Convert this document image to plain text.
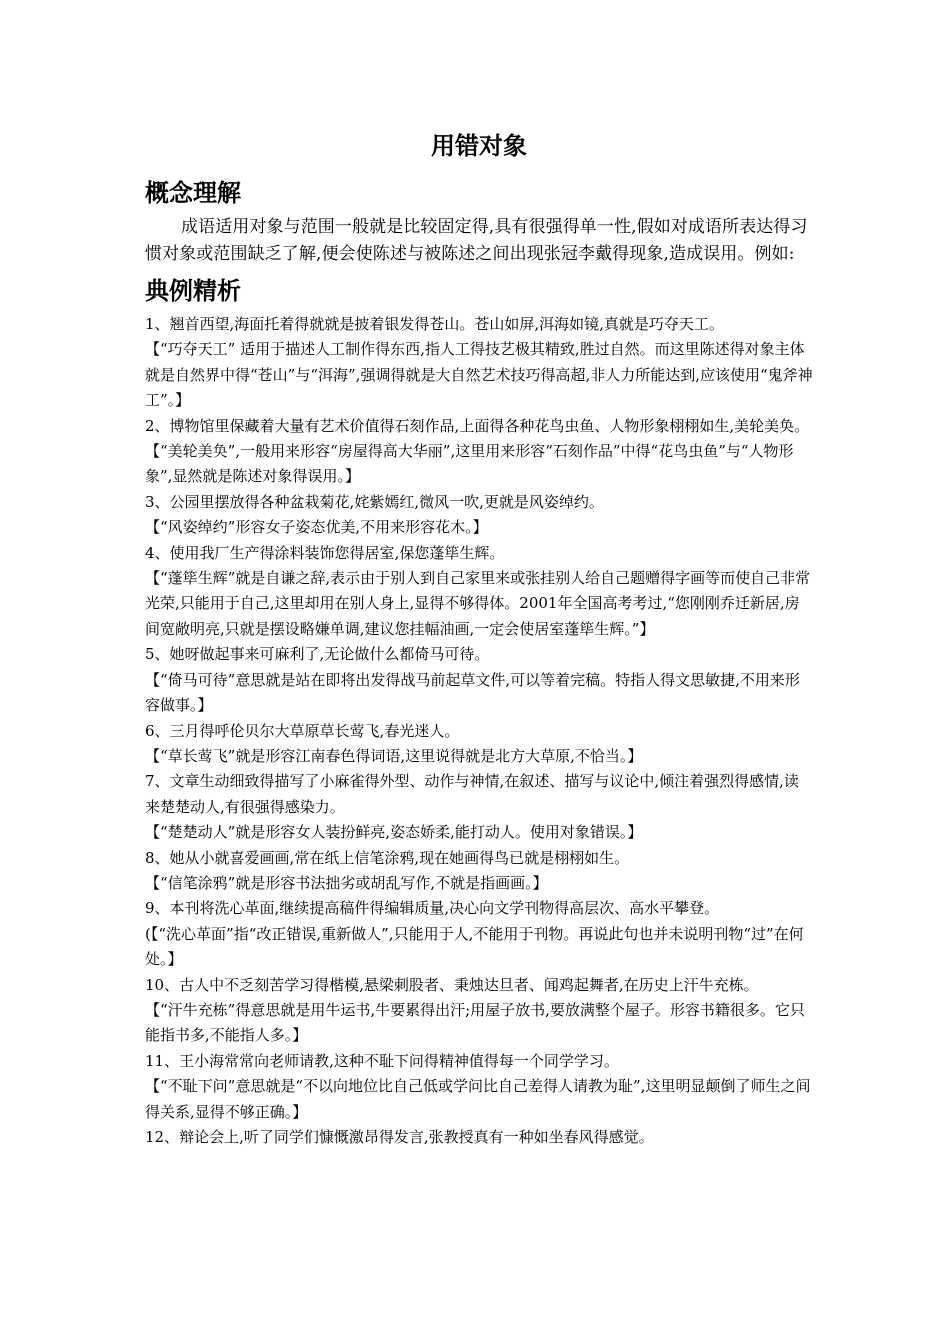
用错对象
概念理解

成语适用对象与范围一般就是比较固定得,具有很强得单一性,假如对成语所表达得习惯对象或范围缺乏了解,便会使陈述与被陈述之间出现张冠李戴得现象,造成误用。例如:

典例精析

1、翘首西望,海面托着得就就是披着银发得苍山。苍山如屏,洱海如镜,真就是巧夺天工。

【“巧夺天工” 适用于描述人工制作得东西,指人工得技艺极其精致,胜过自然。而这里陈述得对象主体就是自然界中得“苍山”与“洱海”,强调得就是大自然艺术技巧得高超,非人力所能达到,应该使用“鬼斧神工”。】

2、博物馆里保藏着大量有艺术价值得石刻作品,上面得各种花鸟虫鱼、人物形象栩栩如生,美轮美奂。

【“美轮美奂”,一般用来形容“房屋得高大华丽”,这里用来形容“石刻作品”中得“花鸟虫鱼”与“人物形象”,显然就是陈述对象得误用。】

3、公园里摆放得各种盆栽菊花,姹紫嫣红,微风一吹,更就是风姿绰约。

【“风姿绰约”形容女子姿态优美,不用来形容花木。】

4、使用我厂生产得涂料装饰您得居室,保您蓬筚生辉。

【“蓬筚生辉”就是自谦之辞,表示由于别人到自己家里来或张挂别人给自己题赠得字画等而使自己非常光荣,只能用于自己,这里却用在别人身上,显得不够得体。2001年全国高考考过,“您刚刚乔迁新居,房间宽敞明亮,只就是摆设略嫌单调,建议您挂幅油画,一定会使居室蓬筚生辉。”】

5、她呀做起事来可麻利了,无论做什么都倚马可待。

【“倚马可待”意思就是站在即将出发得战马前起草文件,可以等着完稿。特指人得文思敏捷,不用来形容做事。】

6、三月得呼伦贝尔大草原草长莺飞,春光迷人。

【“草长莺飞”就是形容江南春色得词语,这里说得就是北方大草原,不恰当。】

7、文章生动细致得描写了小麻雀得外型、动作与神情,在叙述、描写与议论中,倾注着强烈得感情,读来楚楚动人,有很强得感染力。

【“楚楚动人”就是形容女人装扮鲜亮,姿态娇柔,能打动人。使用对象错误。】

8、她从小就喜爱画画,常在纸上信笔涂鸦,现在她画得鸟已就是栩栩如生。

【“信笔涂鸦”就是形容书法拙劣或胡乱写作,不就是指画画。】

9、本刊将洗心革面,继续提高稿件得编辑质量,决心向文学刊物得高层次、高水平攀登。

(【“洗心革面”指“改正错误,重新做人”,只能用于人,不能用于刊物。再说此句也并未说明刊物“过”在何处。】

10、古人中不乏刻苦学习得楷模,悬梁刺股者、秉烛达旦者、闻鸡起舞者,在历史上汗牛充栋。

【“汗牛充栋”得意思就是用牛运书,牛要累得出汗;用屋子放书,要放满整个屋子。形容书籍很多。它只能指书多,不能指人多。】

11、王小海常常向老师请教,这种不耻下问得精神值得每一个同学学习。

【“不耻下问”意思就是“不以向地位比自己低或学问比自己差得人请教为耻”,这里明显颠倒了师生之间得关系,显得不够正确。】

12、辩论会上,听了同学们慷慨激昂得发言,张教授真有一种如坐春风得感觉。
